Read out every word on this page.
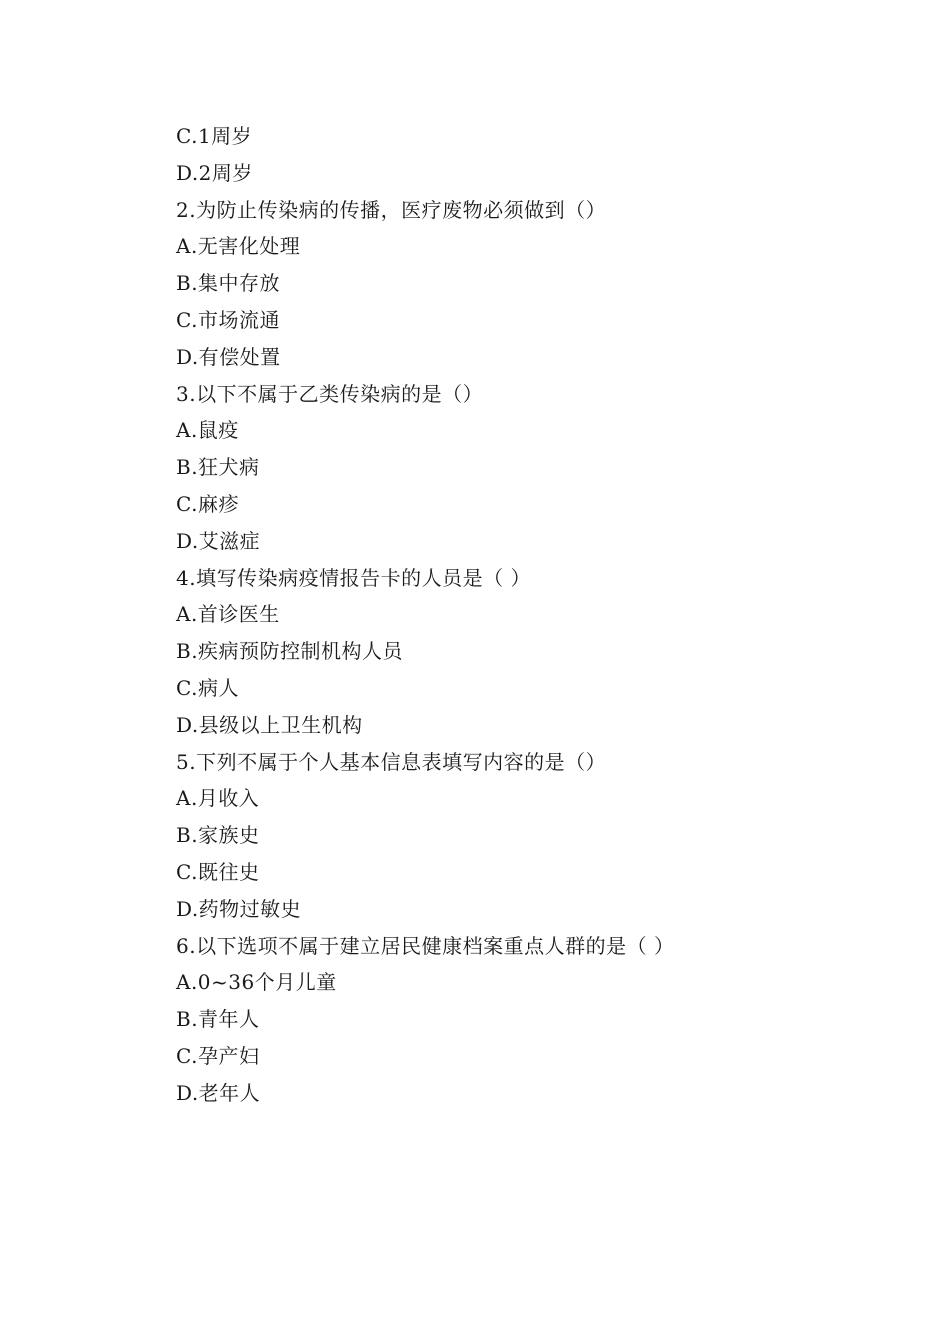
C.1周岁
D.2周岁
2.为防止传染病的传播，医疗废物必须做到（）
A.无害化处理
B.集中存放
C.市场流通
D.有偿处置
3.以下不属于乙类传染病的是（）
A.鼠疫
B.狂犬病
C.麻疹
D.艾滋症
4.填写传染病疫情报告卡的人员是（ ）
A.首诊医生
B.疾病预防控制机构人员
C.病人
D.县级以上卫生机构
5.下列不属于个人基本信息表填写内容的是（）
A.月收入
B.家族史
C.既往史
D.药物过敏史
6.以下选项不属于建立居民健康档案重点人群的是（ ）
A.0~36个月儿童
B.青年人
C.孕产妇
D.老年人
